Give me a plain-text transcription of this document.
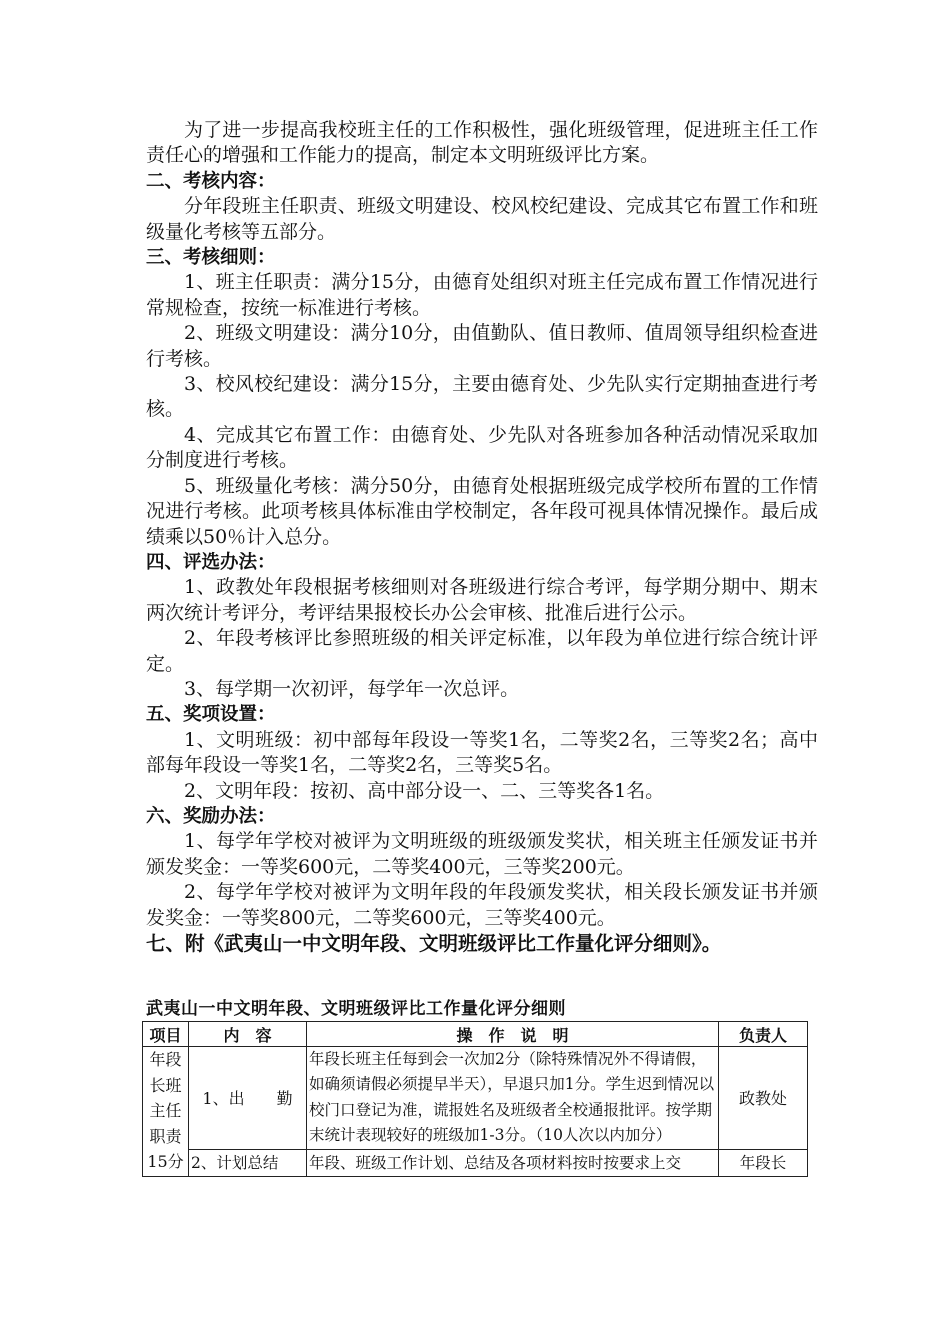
为了进一步提高我校班主任的工作积极性，强化班级管理，促进班主任工作责任心的增强和工作能力的提高，制定本文明班级评比方案。

二、考核内容：

分年段班主任职责、班级文明建设、校风校纪建设、完成其它布置工作和班级量化考核等五部分。

三、考核细则：

1、班主任职责：满分15分，由德育处组织对班主任完成布置工作情况进行常规检查，按统一标准进行考核。

2、班级文明建设：满分10分，由值勤队、值日教师、值周领导组织检查进行考核。

3、校风校纪建设：满分15分，主要由德育处、少先队实行定期抽查进行考核。

4、完成其它布置工作：由德育处、少先队对各班参加各种活动情况采取加分制度进行考核。

5、班级量化考核：满分50分，由德育处根据班级完成学校所布置的工作情况进行考核。此项考核具体标准由学校制定，各年段可视具体情况操作。最后成绩乘以50％计入总分。

四、评选办法：

1、政教处年段根据考核细则对各班级进行综合考评，每学期分期中、期末两次统计考评分，考评结果报校长办公会审核、批准后进行公示。

2、年段考核评比参照班级的相关评定标准，以年段为单位进行综合统计评定。

3、每学期一次初评，每学年一次总评。

五、奖项设置：

1、文明班级：初中部每年段设一等奖1名，二等奖2名，三等奖2名；高中部每年段设一等奖1名，二等奖2名，三等奖5名。

2、文明年段：按初、高中部分设一、二、三等奖各1名。

六、奖励办法：

1、每学年学校对被评为文明班级的班级颁发奖状，相关班主任颁发证书并颁发奖金：一等奖600元，二等奖400元，三等奖200元。

2、每学年学校对被评为文明年段的年段颁发奖状，相关段长颁发证书并颁发奖金：一等奖800元，二等奖600元，三等奖400元。

七、附《武夷山一中文明年段、文明班级评比工作量化评分细则》。

武夷山一中文明年段、文明班级评比工作量化评分细则
项目	内　容	操　作　说　明	负责人

年段长班主任职责15分	1、出　　勤	年段长班主任每到会一次加2分（除特殊情况外不得请假，如确须请假必须提早半天），早退只加1分。学生迟到情况以校门口登记为准，谎报姓名及班级者全校通报批评。按学期末统计表现较好的班级加1-3分。（10人次以内加分）	政教处
	2、计划总结	年段、班级工作计划、总结及各项材料按时按要求上交	年段长
